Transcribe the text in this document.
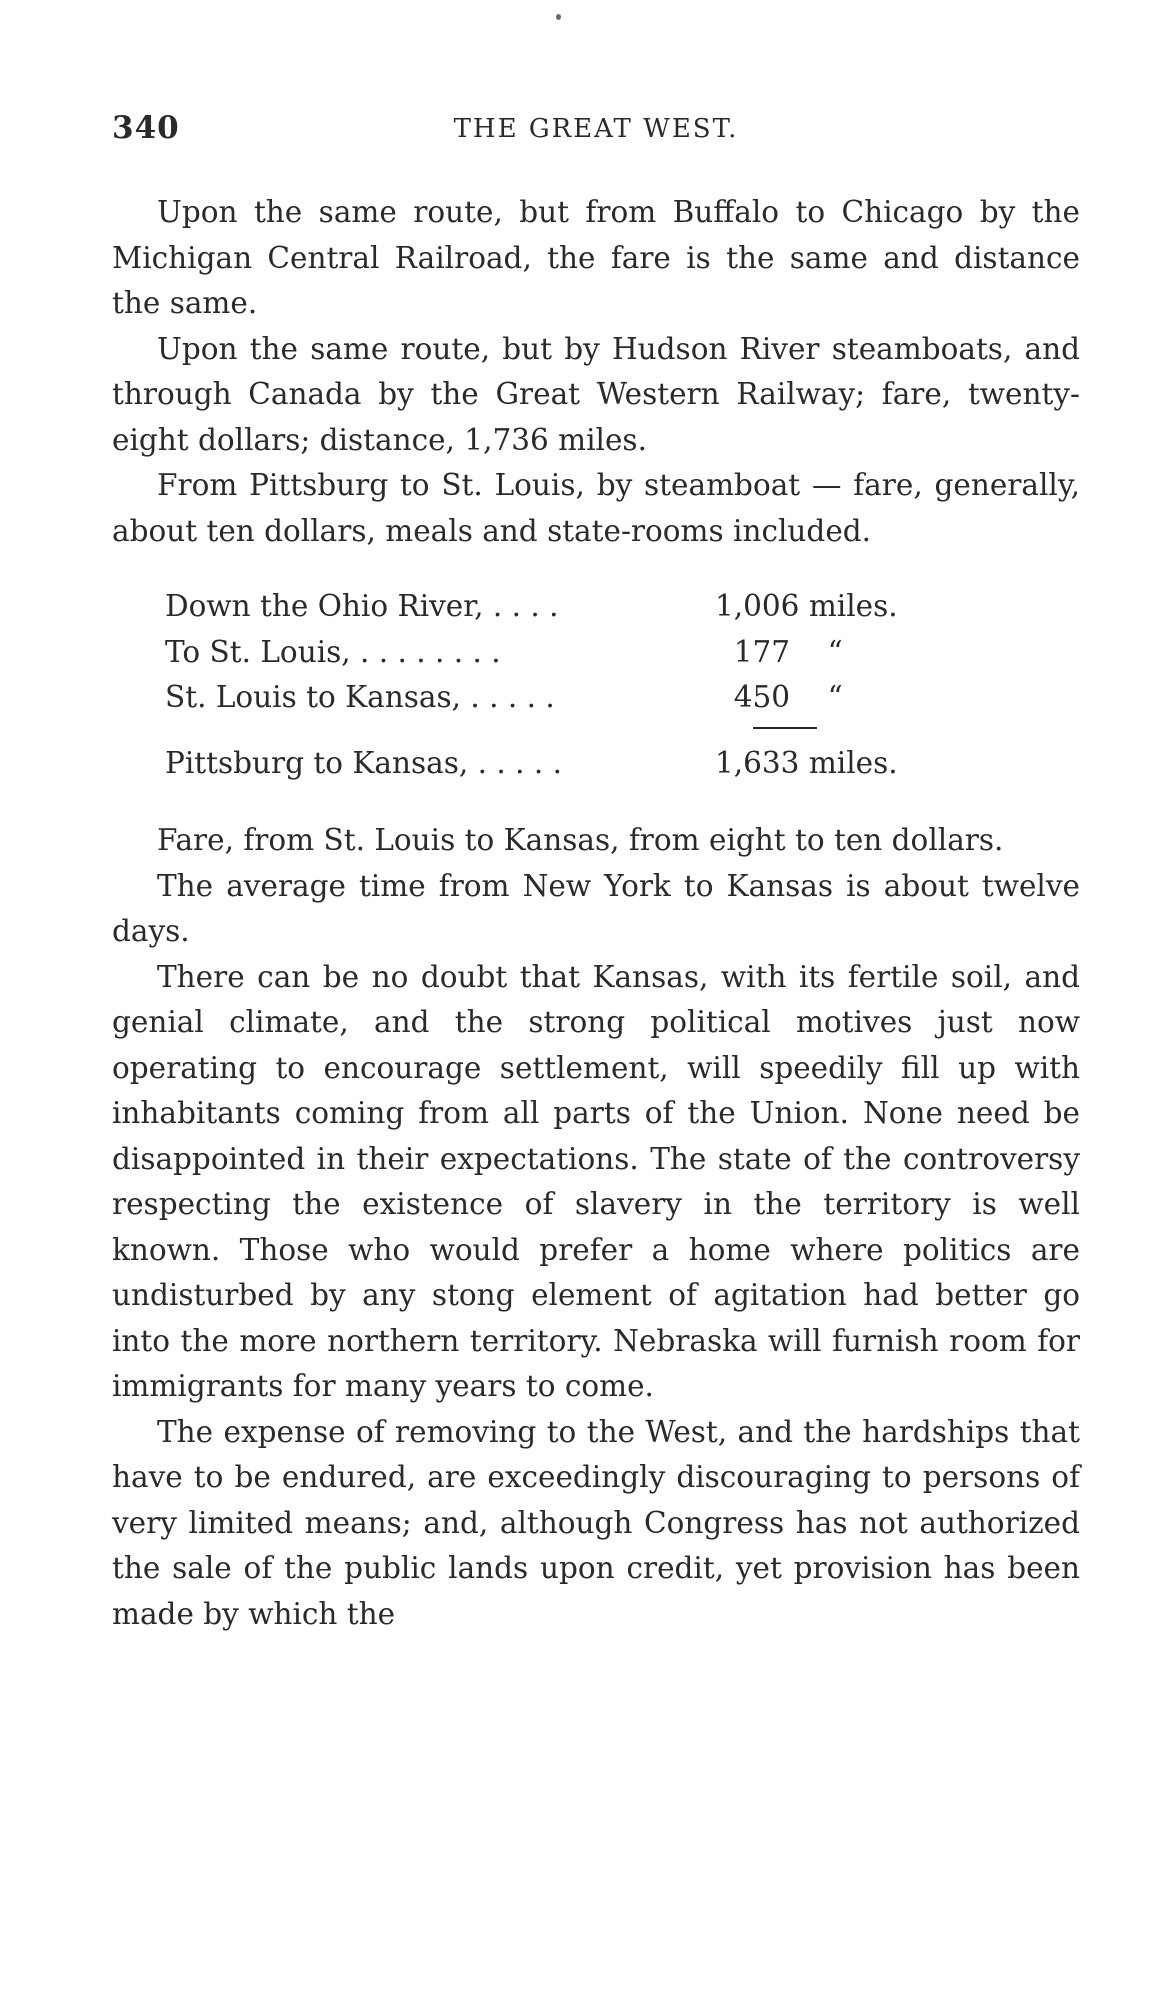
340	THE GREAT WEST.

Upon the same route, but from Buffalo to Chicago by the Michigan Central Railroad, the fare is the same and distance the same.

Upon the same route, but by Hudson River steamboats, and through Canada by the Great Western Railway; fare, twenty-eight dollars; distance, 1,736 miles.

From Pittsburg to St. Louis, by steamboat — fare, generally, about ten dollars, meals and state-rooms included.

Down the Ohio River, . . . .	1,006 miles.
To St. Louis, . . . . . . . .	177    “
St. Louis to Kansas, . . . . .	450    “
Pittsburg to Kansas, . . . . .	1,633 miles.

Fare, from St. Louis to Kansas, from eight to ten dollars.

The average time from New York to Kansas is about twelve days.

There can be no doubt that Kansas, with its fertile soil, and genial climate, and the strong political motives just now operating to encourage settlement, will speedily fill up with inhabitants coming from all parts of the Union. None need be disappointed in their expectations. The state of the controversy respecting the existence of slavery in the territory is well known. Those who would prefer a home where politics are undisturbed by any stong element of agitation had better go into the more northern territory. Nebraska will furnish room for immigrants for many years to come.

The expense of removing to the West, and the hardships that have to be endured, are exceedingly discouraging to persons of very limited means; and, although Congress has not authorized the sale of the public lands upon credit, yet provision has been made by which the
